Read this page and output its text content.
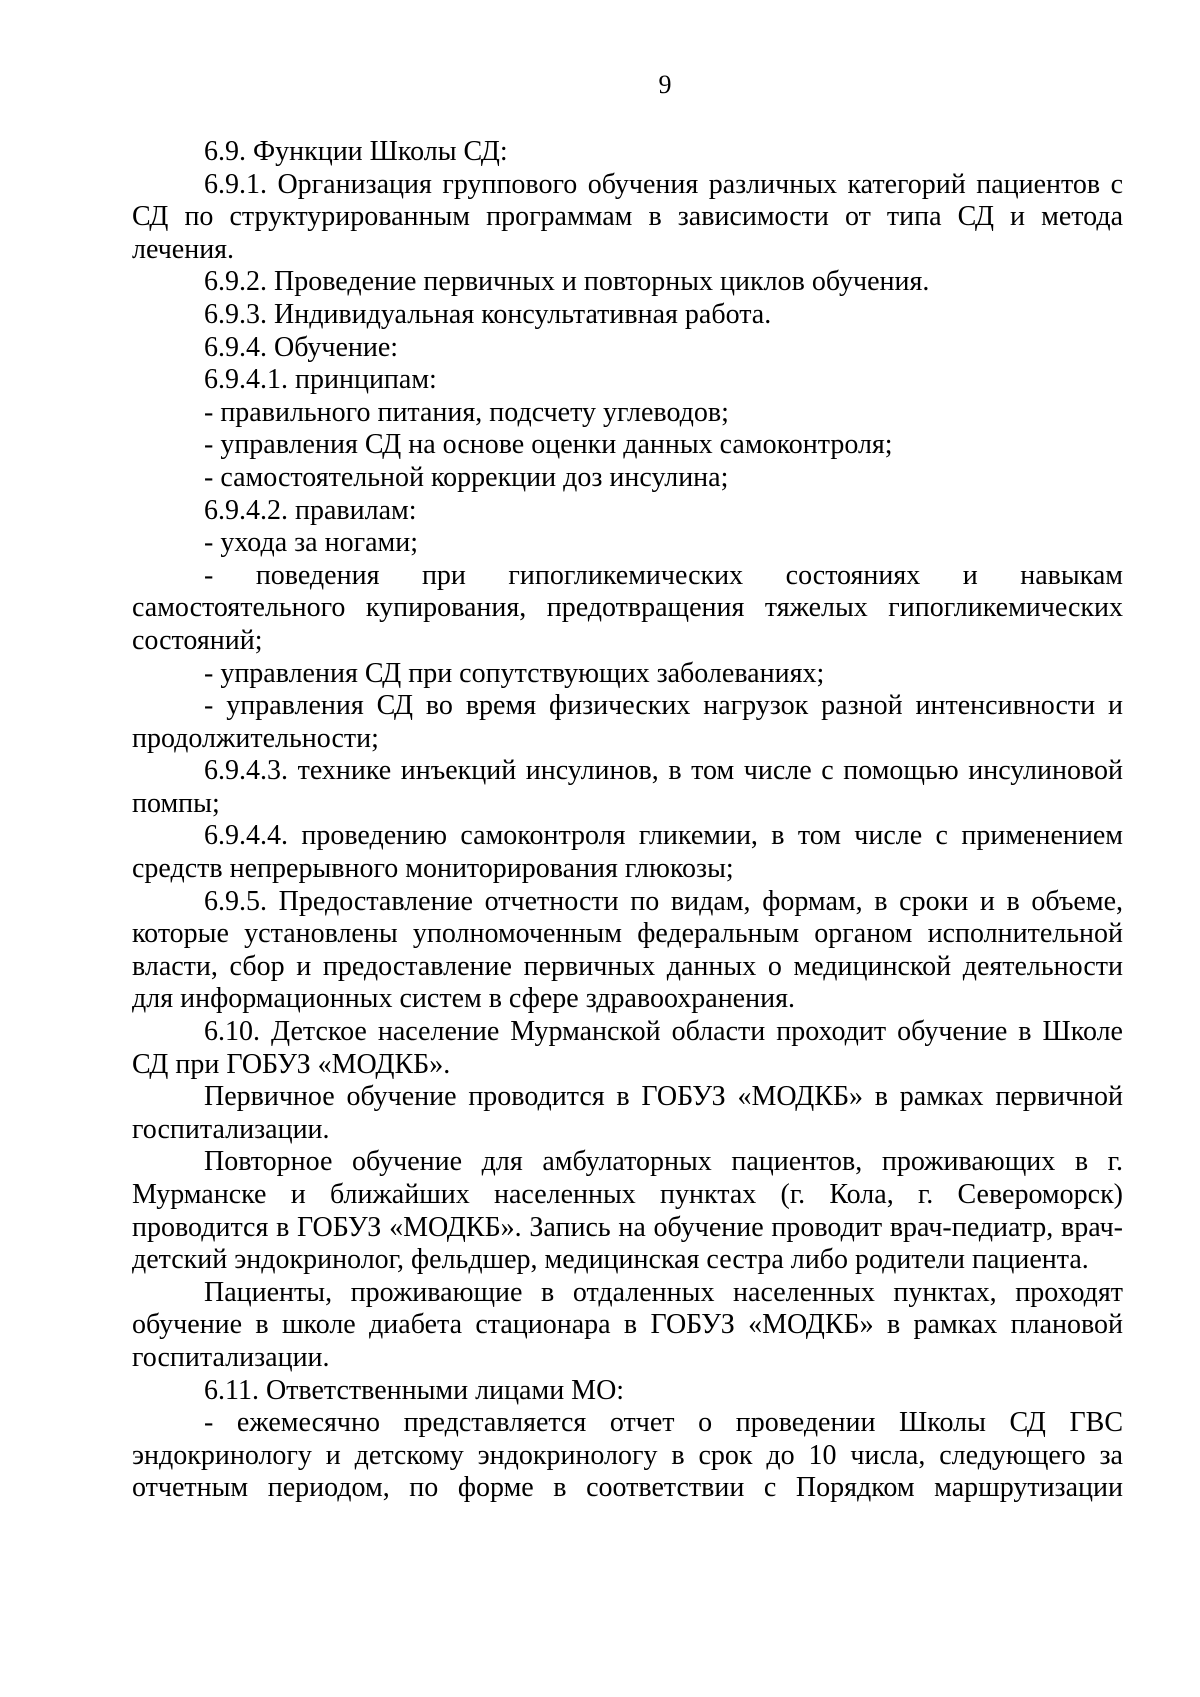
9

6.9. Функции Школы СД:

6.9.1. Организация группового обучения различных категорий пациентов с СД по структурированным программам в зависимости от типа СД и метода лечения.

6.9.2. Проведение первичных и повторных циклов обучения.

6.9.3. Индивидуальная консультативная работа.

6.9.4. Обучение:

6.9.4.1. принципам:

- правильного питания, подсчету углеводов;

- управления СД на основе оценки данных самоконтроля;

- самостоятельной коррекции доз инсулина;

6.9.4.2. правилам:

- ухода за ногами;

- поведения при гипогликемических состояниях и навыкам самостоятельного купирования, предотвращения тяжелых гипогликемических состояний;

- управления СД при сопутствующих заболеваниях;

- управления СД во время физических нагрузок разной интенсивности и продолжительности;

6.9.4.3. технике инъекций инсулинов, в том числе с помощью инсулиновой помпы;

6.9.4.4. проведению самоконтроля гликемии, в том числе с применением средств непрерывного мониторирования глюкозы;

6.9.5. Предоставление отчетности по видам, формам, в сроки и в объеме, которые установлены уполномоченным федеральным органом исполнительной власти, сбор и предоставление первичных данных о медицинской деятельности для информационных систем в сфере здравоохранения.

6.10. Детское население Мурманской области проходит обучение в Школе СД при ГОБУЗ «МОДКБ».

Первичное обучение проводится в ГОБУЗ «МОДКБ» в рамках первичной госпитализации.

Повторное обучение для амбулаторных пациентов, проживающих в г. Мурманске и ближайших населенных пунктах (г. Кола, г. Североморск) проводится в ГОБУЗ «МОДКБ». Запись на обучение проводит врач-педиатр, врач-детский эндокринолог, фельдшер, медицинская сестра либо родители пациента.

Пациенты, проживающие в отдаленных населенных пунктах, проходят обучение в школе диабета стационара в ГОБУЗ «МОДКБ» в рамках плановой госпитализации.

6.11. Ответственными лицами МО:

- ежемесячно представляется отчет о проведении Школы СД ГВС эндокринологу и детскому эндокринологу в срок до 10 числа, следующего за отчетным периодом, по форме в соответствии с Порядком маршрутизации
